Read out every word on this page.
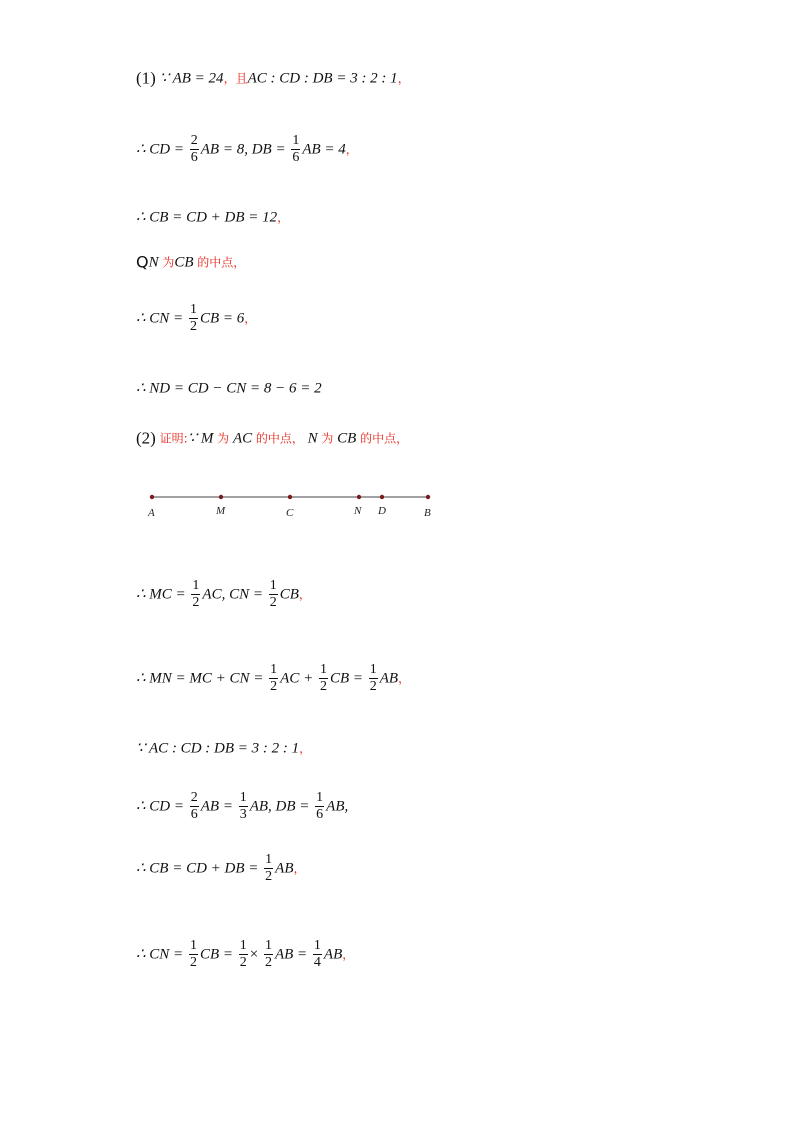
(1) ∵ AB = 24，且AC : CD : DB = 3 : 2 : 1，
∴ CD = $\frac{2}{6}$ AB = 8, DB = $\frac{1}{6}$ AB = 4，
∴ CB = CD + DB = 12，
QN 为CB 的中点，
∴ CN = $\frac{1}{2}$ CB = 6，
∴ ND = CD − CN = 8 − 6 = 2
(2) 证明:∵ M 为 AC 的中点， N 为 CB 的中点，
A	M	C	N D	B
∴ MC = $\frac{1}{2}$ AC, CN = $\frac{1}{2}$ CB，
∴ MN = MC + CN = $\frac{1}{2}$ AC + $\frac{1}{2}$ CB = $\frac{1}{2}$ AB，
∵ AC : CD : DB = 3 : 2 : 1，
∴ CD = $\frac{2}{6}$ AB = $\frac{1}{3}$ AB, DB = $\frac{1}{6}$ AB,
∴ CB = CD + DB = $\frac{1}{2}$ AB，
∴ CN = $\frac{1}{2}$ CB = $\frac{1}{2} \times \frac{1}{2}$ AB = $\frac{1}{4}$ AB，
